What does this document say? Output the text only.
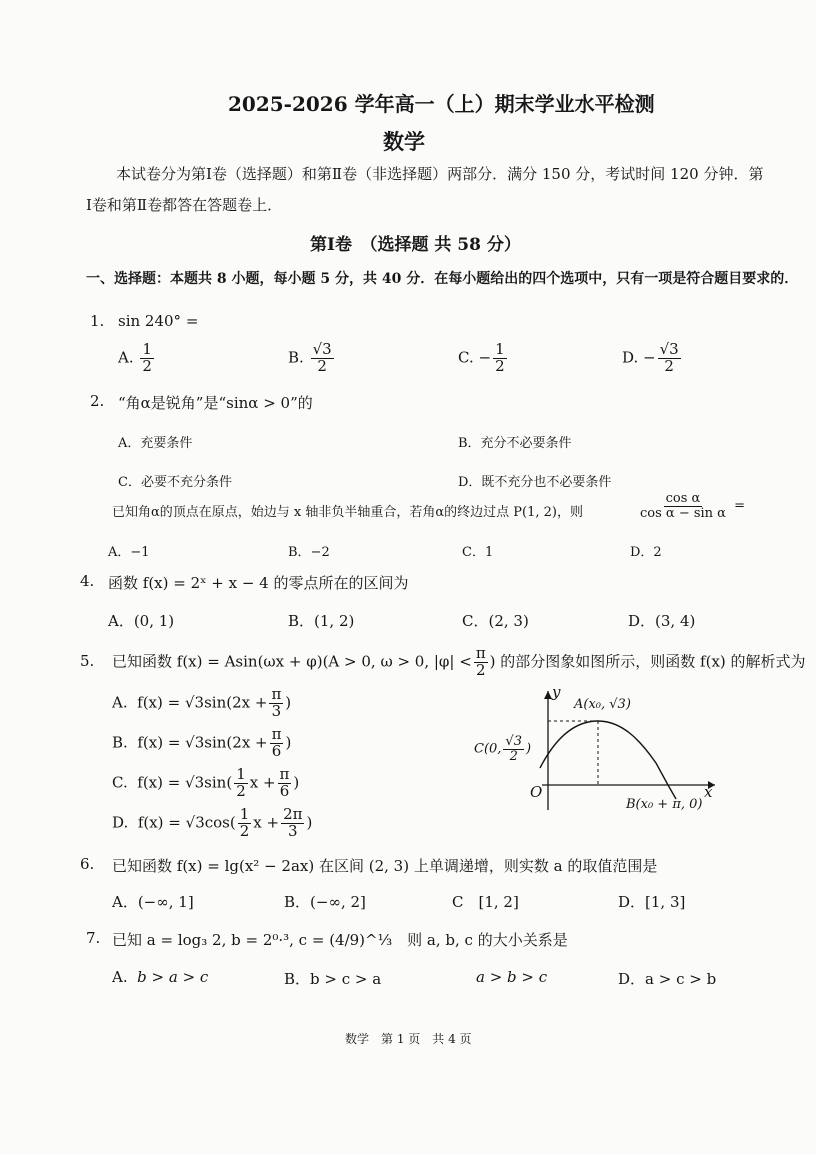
2025-2026 学年高一（上）期末学业水平检测
数学
本试卷分为第Ⅰ卷（选择题）和第Ⅱ卷（非选择题）两部分．满分 150 分，考试时间 120 分钟．第
Ⅰ卷和第Ⅱ卷都答在答题卷上．
第Ⅰ卷　（选择题 共 58 分）
一、选择题：本题共 8 小题，每小题 5 分，共 40 分．在每小题给出的四个选项中，只有一项是符合题目要求的．
1. sin 240° =
A. $\frac{1}{2}$	B. $\frac{√3}{2}$	C. − $\frac{1}{2}$	D. − $\frac{√3}{2}$
2. “角α是锐角”是“sinα > 0”的
A．充要条件	B．充分不必要条件
C．必要不充分条件	D．既不充分也不必要条件
已知角α的顶点在原点，始边与 x 轴非负半轴重合，若角α的终边过点 P(1, 2)，则	$\frac{\text{cos α}}{\text{cos α − sin α}}$ =
A．−1	B．−2	C．1	D．2
4. 函数 f(x) = 2ˣ + x − 4 的零点所在的区间为
A．(0, 1)	B．(1, 2)	C．(2, 3)	D．(3, 4)
5. 已知函数 f(x) = Asin(ωx + φ)(A > 0, ω > 0, $|\varphi| < \frac{\pi}{2}$ ) 的部分图象如图所示，则函数 f(x) 的解析式为
A. $f(x) = √3\sin(2x + \frac{\pi}{3}$ )
B. $f(x) = √3\sin(2x + \frac{\pi}{6}$ )
C. $f(x) = √3\sin( \frac{1}{2}$ $x + \frac{\pi}{6}$ )
D. $f(x) = √3\cos( \frac{1}{2}$ $x + \frac{2\pi}{3}$ )
y
x
O
A(x₀, √3)
C(0, $\frac{√3}{2}$ )
B(x₀ + π, 0)
6. 已知函数 f(x) = lg(x² − 2ax) 在区间 (2, 3) 上单调递增，则实数 a 的取值范围是
A．(−∞, 1]	B．(−∞, 2]	C　[1, 2]	D．[1, 3]
7. 已知 a = log₃ 2, b = 2⁰·³, c = (4/9)^⅓　则 a, b, c 的大小关系是
A. b > a > c	B．b > c > a	a > b > c	D．a > c > b
数学　第 1 页　共 4 页
